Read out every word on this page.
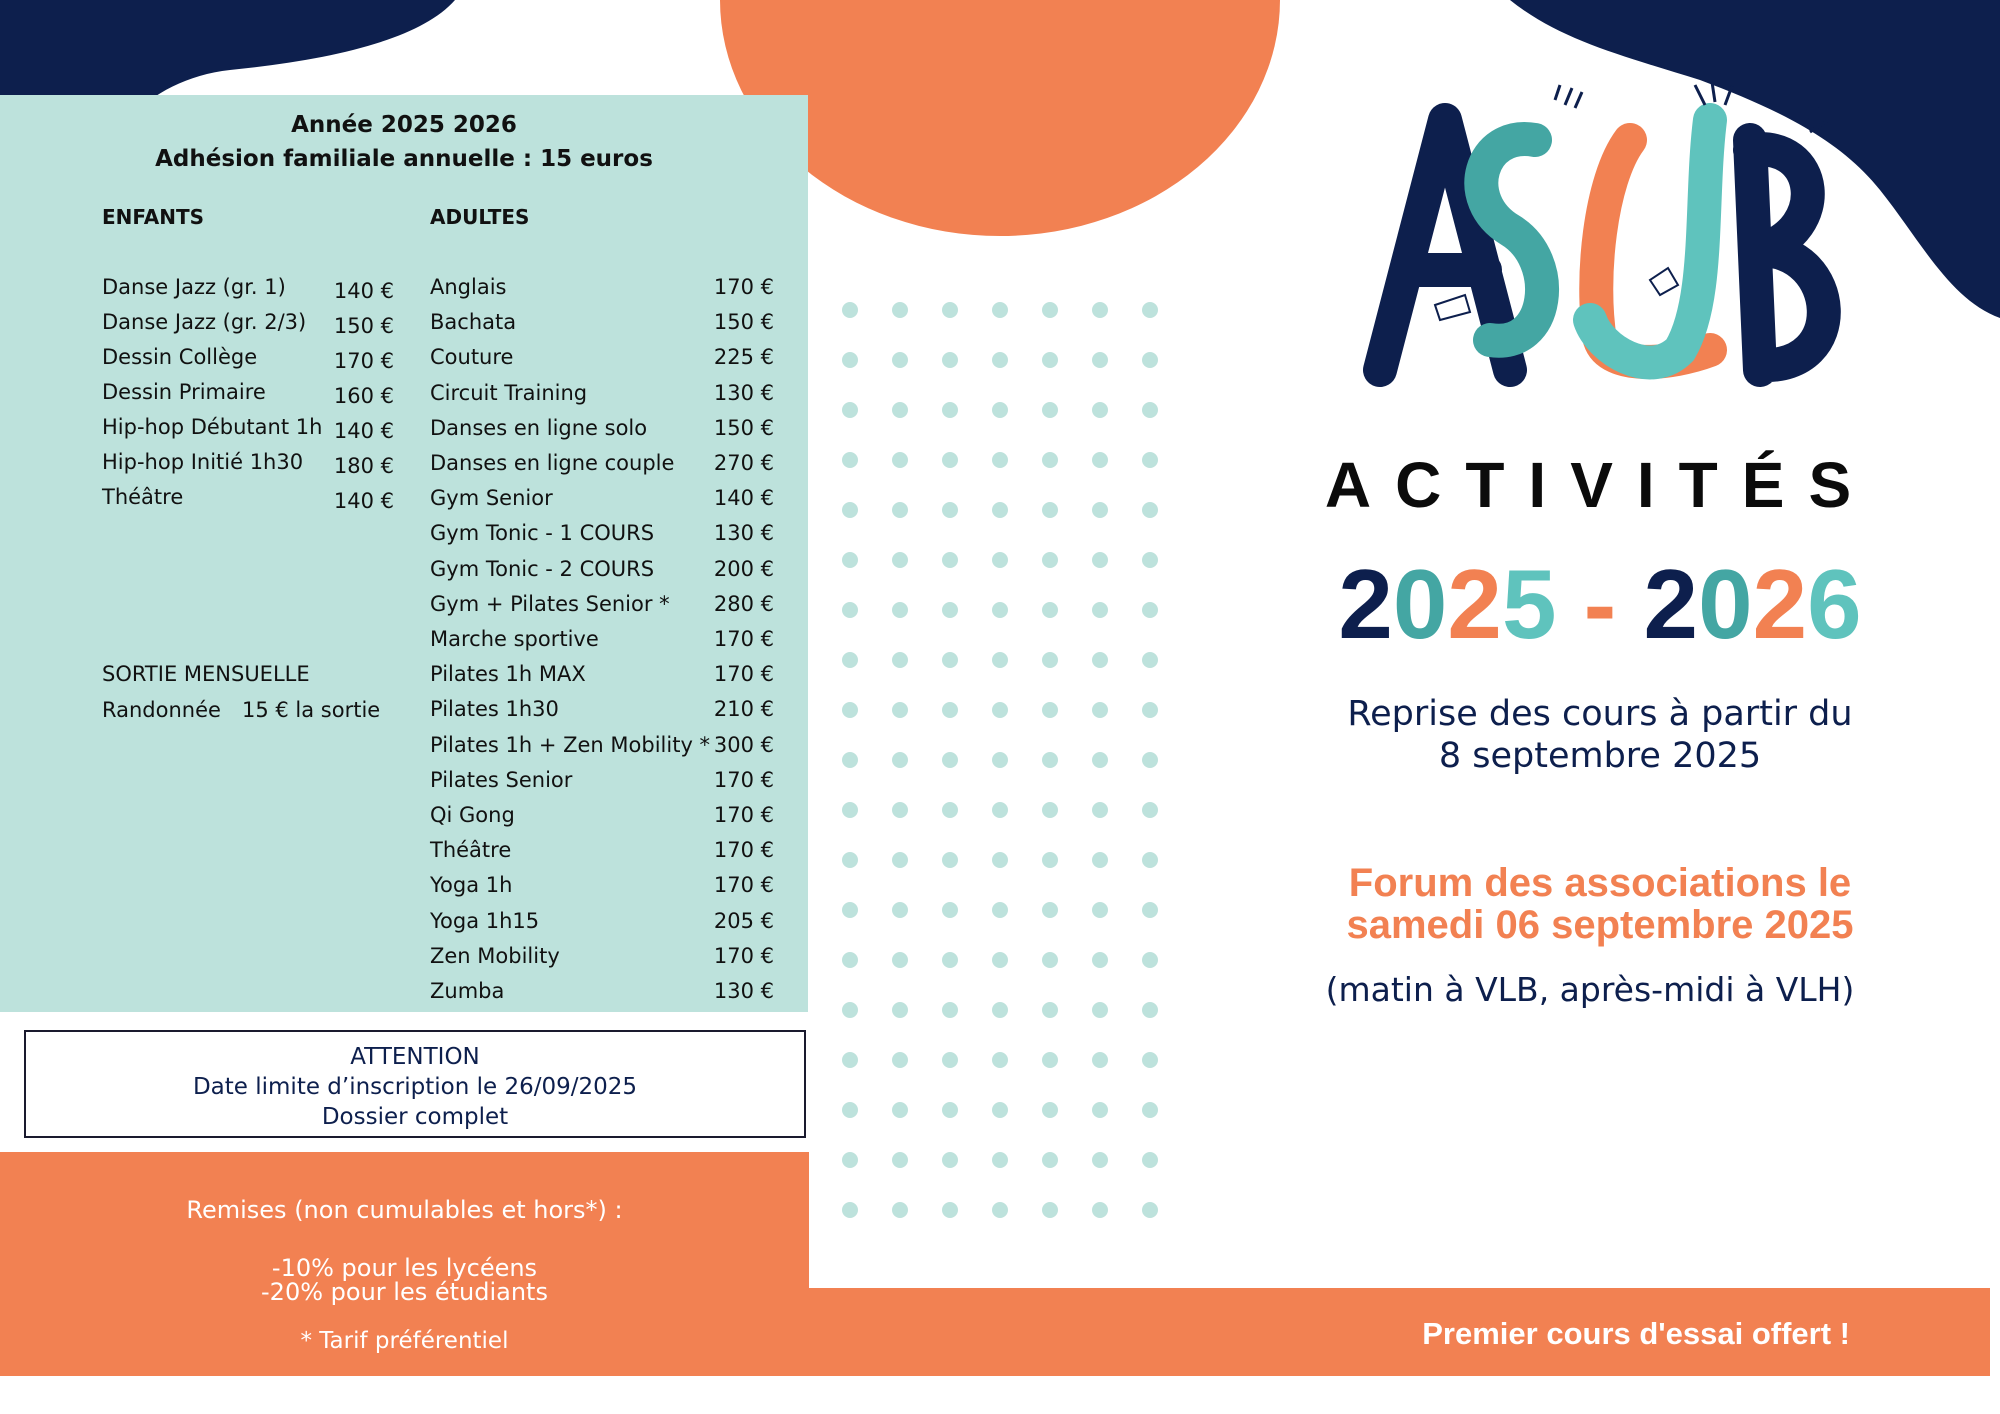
Année 2025 2026
Adhésion familiale annuelle : 15 euros
ENFANTS	ADULTES
Danse Jazz (gr. 1)	140 €
Danse Jazz (gr. 2/3)	150 €
Dessin Collège	170 €
Dessin Primaire	160 €
Hip-hop Débutant 1h 140 €
Hip-hop Initié 1h30	180 €
Théâtre	140 €
Anglais	170 €
Bachata	150 €
Couture	225 €
Circuit Training	130 €
Danses en ligne solo	150 €
Danses en ligne couple	270 €
Gym Senior	140 €
Gym Tonic - 1 COURS	130 €
Gym Tonic - 2 COURS	200 €
Gym + Pilates Senior *	280 €
Marche sportive	170 €
Pilates 1h MAX	170 €
Pilates 1h30	210 €
Pilates 1h + Zen Mobility * 300 €
Pilates Senior	170 €
Qi Gong	170 €
Théâtre	170 €
Yoga 1h	170 €
Yoga 1h15	205 €
Zen Mobility	170 €
Zumba	130 €
SORTIE MENSUELLE
Randonnée 15 € la sortie
ATTENTION
Date limite d’inscription le 26/09/2025
Dossier complet
Remises (non cumulables et hors*) :
-10% pour les lycéens
-20% pour les étudiants
* Tarif préférentiel	Premier cours d'essai offert !
ACTIVITÉS
2025 - 2026
Reprise des cours à partir du
8 septembre 2025
Forum des associations le
samedi 06 septembre 2025
(matin à VLB, après-midi à VLH)
